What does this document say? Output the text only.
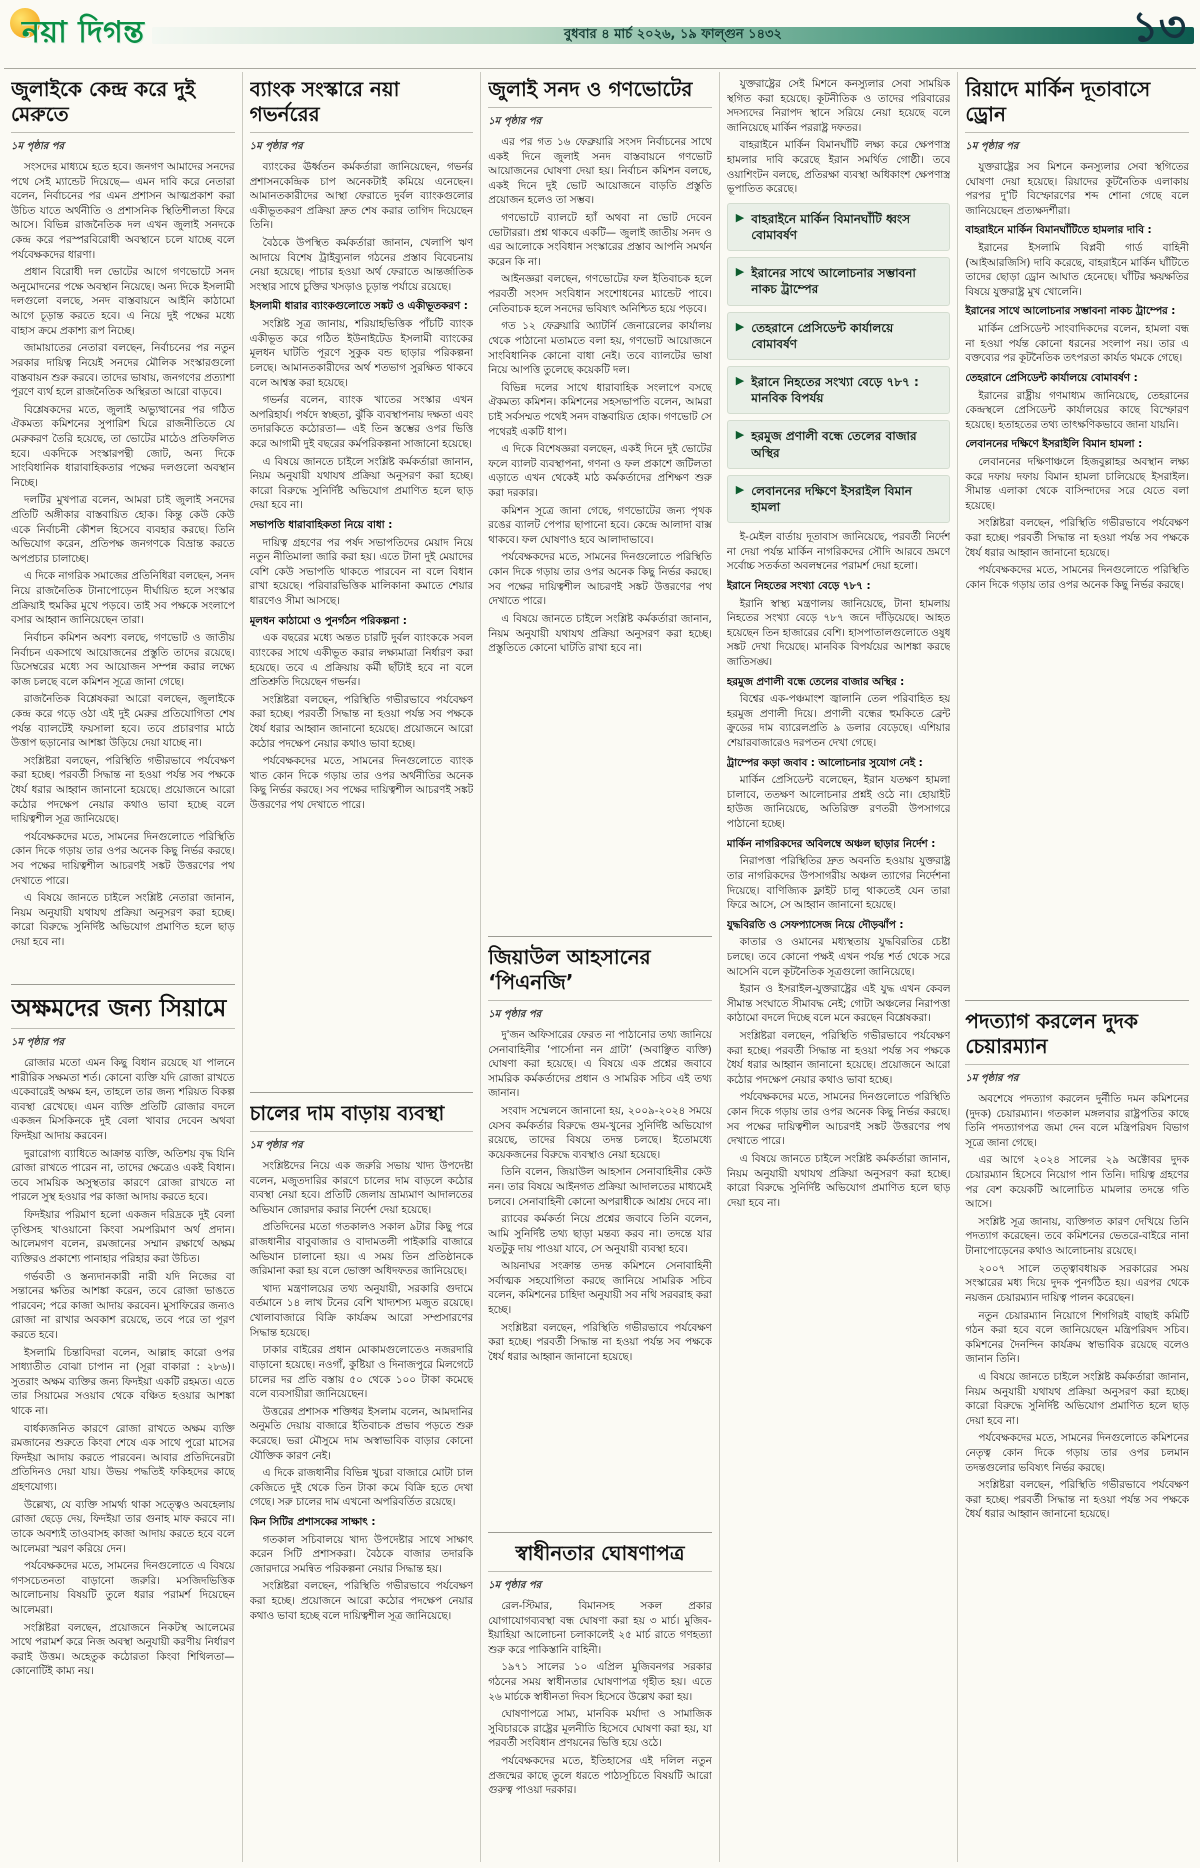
নয়া দিগন্ত	বুধবার ৪ মার্চ ২০২৬, ১৯ ফাল্গুন ১৪৩২	১৩
জুলাইকে কেন্দ্র করে দুই মেরুতে
১ম পৃষ্ঠার পর

সংসদের মাধ্যমে হতে হবে। জনগণ আমাদের সনদের পথে সেই ম্যান্ডেট দিয়েছে— এমন দাবি করে নেতারা বলেন, নির্বাচনের পর এমন প্রশাসন আত্মপ্রকাশ করা উচিত যাতে অর্থনীতি ও প্রশাসনিক স্থিতিশীলতা ফিরে আসে। বিভিন্ন রাজনৈতিক দল এখন জুলাই সনদকে কেন্দ্র করে পরস্পরবিরোধী অবস্থানে চলে যাচ্ছে বলে পর্যবেক্ষকদের ধারণা।

প্রধান বিরোধী দল ভোটের আগে গণভোটে সনদ অনুমোদনের পক্ষে অবস্থান নিয়েছে। অন্য দিকে ইসলামী দলগুলো বলছে, সনদ বাস্তবায়নে আইনি কাঠামো আগে চূড়ান্ত করতে হবে। এ নিয়ে দুই পক্ষের মধ্যে বাহাস ক্রমে প্রকাশ্য রূপ নিচ্ছে।

জামায়াতের নেতারা বলছেন, নির্বাচনের পর নতুন সরকার দায়িত্ব নিয়েই সনদের মৌলিক সংস্কারগুলো বাস্তবায়ন শুরু করবে। তাদের ভাষায়, জনগণের প্রত্যাশা পূরণে ব্যর্থ হলে রাজনৈতিক অস্থিরতা আরো বাড়বে।

বিশ্লেষকদের মতে, জুলাই অভ্যুত্থানের পর গঠিত ঐকমত্য কমিশনের সুপারিশ ঘিরে রাজনীতিতে যে মেরুকরণ তৈরি হয়েছে, তা ভোটের মাঠেও প্রতিফলিত হবে। একদিকে সংস্কারপন্থী জোট, অন্য দিকে সাংবিধানিক ধারাবাহিকতার পক্ষের দলগুলো অবস্থান নিচ্ছে।

দলটির মুখপাত্র বলেন, আমরা চাই জুলাই সনদের প্রতিটি অঙ্গীকার বাস্তবায়িত হোক। কিন্তু কেউ কেউ একে নির্বাচনী কৌশল হিসেবে ব্যবহার করছে। তিনি অভিযোগ করেন, প্রতিপক্ষ জনগণকে বিভ্রান্ত করতে অপপ্রচার চালাচ্ছে।

এ দিকে নাগরিক সমাজের প্রতিনিধিরা বলছেন, সনদ নিয়ে রাজনৈতিক টানাপোড়েন দীর্ঘায়িত হলে সংস্কার প্রক্রিয়াই হুমকির মুখে পড়বে। তাই সব পক্ষকে সংলাপে বসার আহ্বান জানিয়েছেন তারা।

নির্বাচন কমিশন অবশ্য বলছে, গণভোট ও জাতীয় নির্বাচন একসাথে আয়োজনের প্রস্তুতি তাদের রয়েছে। ডিসেম্বরের মধ্যে সব আয়োজন সম্পন্ন করার লক্ষ্যে কাজ চলছে বলে কমিশন সূত্রে জানা গেছে।

রাজনৈতিক বিশ্লেষকরা আরো বলছেন, জুলাইকে কেন্দ্র করে গড়ে ওঠা এই দুই মেরুর প্রতিযোগিতা শেষ পর্যন্ত ব্যালটেই ফয়সালা হবে। তবে প্রচারণার মাঠে উত্তাপ ছড়ানোর আশঙ্কা উড়িয়ে দেয়া যাচ্ছে না।

সংশ্লিষ্টরা বলছেন, পরিস্থিতি গভীরভাবে পর্যবেক্ষণ করা হচ্ছে। পরবর্তী সিদ্ধান্ত না হওয়া পর্যন্ত সব পক্ষকে ধৈর্য ধরার আহ্বান জানানো হয়েছে। প্রয়োজনে আরো কঠোর পদক্ষেপ নেয়ার কথাও ভাবা হচ্ছে বলে দায়িত্বশীল সূত্র জানিয়েছে।

পর্যবেক্ষকদের মতে, সামনের দিনগুলোতে পরিস্থিতি কোন দিকে গড়ায় তার ওপর অনেক কিছু নির্ভর করছে। সব পক্ষের দায়িত্বশীল আচরণই সঙ্কট উত্তরণের পথ দেখাতে পারে।

এ বিষয়ে জানতে চাইলে সংশ্লিষ্ট নেতারা জানান, নিয়ম অনুযায়ী যথাযথ প্রক্রিয়া অনুসরণ করা হচ্ছে। কারো বিরুদ্ধে সুনির্দিষ্ট অভিযোগ প্রমাণিত হলে ছাড় দেয়া হবে না।

অক্ষমদের জন্য সিয়ামে
১ম পৃষ্ঠার পর

রোজার মতো এমন কিছু বিধান রয়েছে যা পালনে শারীরিক সক্ষমতা শর্ত। কোনো ব্যক্তি যদি রোজা রাখতে একেবারেই অক্ষম হন, তাহলে তার জন্য শরিয়ত বিকল্প ব্যবস্থা রেখেছে। এমন ব্যক্তি প্রতিটি রোজার বদলে একজন মিসকিনকে দুই বেলা খাবার দেবেন অথবা ফিদইয়া আদায় করবেন।

দুরারোগ্য ব্যাধিতে আক্রান্ত ব্যক্তি, অতিশয় বৃদ্ধ যিনি রোজা রাখতে পারেন না, তাদের ক্ষেত্রেও একই বিধান। তবে সাময়িক অসুস্থতার কারণে রোজা রাখতে না পারলে সুস্থ হওয়ার পর কাজা আদায় করতে হবে।

ফিদইয়ার পরিমাণ হলো একজন দরিদ্রকে দুই বেলা তৃপ্তিসহ খাওয়ানো কিংবা সমপরিমাণ অর্থ প্রদান। আলেমগণ বলেন, রমজানের সম্মান রক্ষার্থে অক্ষম ব্যক্তিরও প্রকাশ্যে পানাহার পরিহার করা উচিত।

গর্ভবতী ও স্তন্যদানকারী নারী যদি নিজের বা সন্তানের ক্ষতির আশঙ্কা করেন, তবে রোজা ভাঙতে পারবেন; পরে কাজা আদায় করবেন। মুসাফিরের জন্যও রোজা না রাখার অবকাশ রয়েছে, তবে পরে তা পূরণ করতে হবে।

ইসলামি চিন্তাবিদরা বলেন, আল্লাহ কারো ওপর সাধ্যাতীত বোঝা চাপান না (সূরা বাকারা : ২৮৬)। সুতরাং অক্ষম ব্যক্তির জন্য ফিদইয়া একটি রহমত। এতে তার সিয়ামের সওয়াব থেকে বঞ্চিত হওয়ার আশঙ্কা থাকে না।

বার্ধক্যজনিত কারণে রোজা রাখতে অক্ষম ব্যক্তি রমজানের শুরুতে কিংবা শেষে এক সাথে পুরো মাসের ফিদইয়া আদায় করতে পারবেন। আবার প্রতিদিনেরটা প্রতিদিনও দেয়া যায়। উভয় পদ্ধতিই ফকিহদের কাছে গ্রহণযোগ্য।

উল্লেখ্য, যে ব্যক্তি সামর্থ্য থাকা সত্ত্বেও অবহেলায় রোজা ছেড়ে দেয়, ফিদইয়া তার গুনাহ মাফ করবে না। তাকে অবশ্যই তাওবাসহ কাজা আদায় করতে হবে বলে আলেমরা স্মরণ করিয়ে দেন।

পর্যবেক্ষকদের মতে, সামনের দিনগুলোতে এ বিষয়ে গণসচেতনতা বাড়ানো জরুরি। মসজিদভিত্তিক আলোচনায় বিষয়টি তুলে ধরার পরামর্শ দিয়েছেন আলেমরা।

সংশ্লিষ্টরা বলছেন, প্রয়োজনে নিকটস্থ আলেমের সাথে পরামর্শ করে নিজ অবস্থা অনুযায়ী করণীয় নির্ধারণ করাই উত্তম। অহেতুক কঠোরতা কিংবা শিথিলতা— কোনোটিই কাম্য নয়।

ব্যাংক সংস্কারে নয়া গভর্নরের
১ম পৃষ্ঠার পর

ব্যাংকের ঊর্ধ্বতন কর্মকর্তারা জানিয়েছেন, গভর্নর প্রশাসনকেন্দ্রিক চাপ অনেকটাই কমিয়ে এনেছেন। আমানতকারীদের আস্থা ফেরাতে দুর্বল ব্যাংকগুলোর একীভূতকরণ প্রক্রিয়া দ্রুত শেষ করার তাগিদ দিয়েছেন তিনি।

বৈঠকে উপস্থিত কর্মকর্তারা জানান, খেলাপি ঋণ আদায়ে বিশেষ ট্রাইব্যুনাল গঠনের প্রস্তাব বিবেচনায় নেয়া হয়েছে। পাচার হওয়া অর্থ ফেরাতে আন্তর্জাতিক সংস্থার সাথে চুক্তির খসড়াও চূড়ান্ত পর্যায়ে রয়েছে।

ইসলামী ধারার ব্যাংকগুলোতে সঙ্কট ও একীভূতকরণ :

সংশ্লিষ্ট সূত্র জানায়, শরিয়াহভিত্তিক পাঁচটি ব্যাংক একীভূত করে গঠিত ইউনাইটেড ইসলামী ব্যাংকের মূলধন ঘাটতি পূরণে সুকুক বন্ড ছাড়ার পরিকল্পনা চলছে। আমানতকারীদের অর্থ শতভাগ সুরক্ষিত থাকবে বলে আশ্বস্ত করা হয়েছে।

গভর্নর বলেন, ব্যাংক খাতের সংস্কার এখন অপরিহার্য। পর্ষদে স্বচ্ছতা, ঝুঁকি ব্যবস্থাপনায় দক্ষতা এবং তদারকিতে কঠোরতা— এই তিন স্তম্ভের ওপর ভিত্তি করে আগামী দুই বছরের কর্মপরিকল্পনা সাজানো হয়েছে।

এ বিষয়ে জানতে চাইলে সংশ্লিষ্ট কর্মকর্তারা জানান, নিয়ম অনুযায়ী যথাযথ প্রক্রিয়া অনুসরণ করা হচ্ছে। কারো বিরুদ্ধে সুনির্দিষ্ট অভিযোগ প্রমাণিত হলে ছাড় দেয়া হবে না।

সভাপতি ধারাবাহিকতা নিয়ে বাধা :

দায়িত্ব গ্রহণের পর পর্ষদ সভাপতিদের মেয়াদ নিয়ে নতুন নীতিমালা জারি করা হয়। এতে টানা দুই মেয়াদের বেশি কেউ সভাপতি থাকতে পারবেন না বলে বিধান রাখা হয়েছে। পরিবারভিত্তিক মালিকানা কমাতে শেয়ার ধারণেও সীমা আসছে।

মূলধন কাঠামো ও পুনর্গঠন পরিকল্পনা :

এক বছরের মধ্যে অন্তত চারটি দুর্বল ব্যাংককে সবল ব্যাংকের সাথে একীভূত করার লক্ষ্যমাত্রা নির্ধারণ করা হয়েছে। তবে এ প্রক্রিয়ায় কর্মী ছাঁটাই হবে না বলে প্রতিশ্রুতি দিয়েছেন গভর্নর।

সংশ্লিষ্টরা বলছেন, পরিস্থিতি গভীরভাবে পর্যবেক্ষণ করা হচ্ছে। পরবর্তী সিদ্ধান্ত না হওয়া পর্যন্ত সব পক্ষকে ধৈর্য ধরার আহ্বান জানানো হয়েছে। প্রয়োজনে আরো কঠোর পদক্ষেপ নেয়ার কথাও ভাবা হচ্ছে।

পর্যবেক্ষকদের মতে, সামনের দিনগুলোতে ব্যাংক খাত কোন দিকে গড়ায় তার ওপর অর্থনীতির অনেক কিছু নির্ভর করছে। সব পক্ষের দায়িত্বশীল আচরণই সঙ্কট উত্তরণের পথ দেখাতে পারে।

চালের দাম বাড়ায় ব্যবস্থা
১ম পৃষ্ঠার পর

সংশ্লিষ্টদের নিয়ে এক জরুরি সভায় খাদ্য উপদেষ্টা বলেন, মজুতদারির কারণে চালের দাম বাড়লে কঠোর ব্যবস্থা নেয়া হবে। প্রতিটি জেলায় ভ্রাম্যমাণ আদালতের অভিযান জোরদার করার নির্দেশ দেয়া হয়েছে।

প্রতিদিনের মতো গতকালও সকাল ৯টার কিছু পরে রাজধানীর বাবুবাজার ও বাদামতলী পাইকারি বাজারে অভিযান চালানো হয়। এ সময় তিন প্রতিষ্ঠানকে জরিমানা করা হয় বলে ভোক্তা অধিদফতর জানিয়েছে।

খাদ্য মন্ত্রণালয়ের তথ্য অনুযায়ী, সরকারি গুদামে বর্তমানে ১৪ লাখ টনের বেশি খাদ্যশস্য মজুত রয়েছে। খোলাবাজারে বিক্রি কার্যক্রম আরো সম্প্রসারণের সিদ্ধান্ত হয়েছে।

ঢাকার বাইরের প্রধান মোকামগুলোতেও নজরদারি বাড়ানো হয়েছে। নওগাঁ, কুষ্টিয়া ও দিনাজপুরে মিলগেটে চালের দর প্রতি বস্তায় ৫০ থেকে ১০০ টাকা কমেছে বলে ব্যবসায়ীরা জানিয়েছেন।

উত্তরের প্রশাসক শক্তিধর ইসলাম বলেন, আমদানির অনুমতি দেয়ায় বাজারে ইতিবাচক প্রভাব পড়তে শুরু করেছে। ভরা মৌসুমে দাম অস্বাভাবিক বাড়ার কোনো যৌক্তিক কারণ নেই।

এ দিকে রাজধানীর বিভিন্ন খুচরা বাজারে মোটা চাল কেজিতে দুই থেকে তিন টাকা কমে বিক্রি হতে দেখা গেছে। সরু চালের দাম এখনো অপরিবর্তিত রয়েছে।

কিন সিটির প্রশাসকের সাক্ষাৎ :

গতকাল সচিবালয়ে খাদ্য উপদেষ্টার সাথে সাক্ষাৎ করেন সিটি প্রশাসকরা। বৈঠকে বাজার তদারকি জোরদারে সমন্বিত পরিকল্পনা নেয়ার সিদ্ধান্ত হয়।

সংশ্লিষ্টরা বলছেন, পরিস্থিতি গভীরভাবে পর্যবেক্ষণ করা হচ্ছে। প্রয়োজনে আরো কঠোর পদক্ষেপ নেয়ার কথাও ভাবা হচ্ছে বলে দায়িত্বশীল সূত্র জানিয়েছে।

জুলাই সনদ ও গণভোটের
১ম পৃষ্ঠার পর

এর পর গত ১৬ ফেব্রুয়ারি সংসদ নির্বাচনের সাথে একই দিনে জুলাই সনদ বাস্তবায়নে গণভোট আয়োজনের ঘোষণা দেয়া হয়। নির্বাচন কমিশন বলছে, একই দিনে দুই ভোট আয়োজনে বাড়তি প্রস্তুতি প্রয়োজন হলেও তা সম্ভব।

গণভোটে ব্যালটে হ্যাঁ অথবা না ভোট দেবেন ভোটাররা। প্রশ্ন থাকবে একটি— জুলাই জাতীয় সনদ ও এর আলোকে সংবিধান সংস্কারের প্রস্তাব আপনি সমর্থন করেন কি না।

আইনজ্ঞরা বলছেন, গণভোটের ফল ইতিবাচক হলে পরবর্তী সংসদ সংবিধান সংশোধনের ম্যান্ডেট পাবে। নেতিবাচক হলে সনদের ভবিষ্যৎ অনিশ্চিত হয়ে পড়বে।

গত ১২ ফেব্রুয়ারি অ্যাটর্নি জেনারেলের কার্যালয় থেকে পাঠানো মতামতে বলা হয়, গণভোট আয়োজনে সাংবিধানিক কোনো বাধা নেই। তবে ব্যালটের ভাষা নিয়ে আপত্তি তুলেছে কয়েকটি দল।

বিভিন্ন দলের সাথে ধারাবাহিক সংলাপে বসছে ঐকমত্য কমিশন। কমিশনের সহসভাপতি বলেন, আমরা চাই সর্বসম্মত পথেই সনদ বাস্তবায়িত হোক। গণভোট সে পথেরই একটি ধাপ।

এ দিকে বিশেষজ্ঞরা বলছেন, একই দিনে দুই ভোটের ফলে ব্যালট ব্যবস্থাপনা, গণনা ও ফল প্রকাশে জটিলতা এড়াতে এখন থেকেই মাঠ কর্মকর্তাদের প্রশিক্ষণ শুরু করা দরকার।

কমিশন সূত্রে জানা গেছে, গণভোটের জন্য পৃথক রঙের ব্যালট পেপার ছাপানো হবে। কেন্দ্রে আলাদা বাক্স থাকবে। ফল ঘোষণাও হবে আলাদাভাবে।

পর্যবেক্ষকদের মতে, সামনের দিনগুলোতে পরিস্থিতি কোন দিকে গড়ায় তার ওপর অনেক কিছু নির্ভর করছে। সব পক্ষের দায়িত্বশীল আচরণই সঙ্কট উত্তরণের পথ দেখাতে পারে।

এ বিষয়ে জানতে চাইলে সংশ্লিষ্ট কর্মকর্তারা জানান, নিয়ম অনুযায়ী যথাযথ প্রক্রিয়া অনুসরণ করা হচ্ছে। প্রস্তুতিতে কোনো ঘাটতি রাখা হবে না।

জিয়াউল আহসানের ‘পিএনজি’
১ম পৃষ্ঠার পর

দু'জন অফিসারের ফেরত না পাঠানোর তথ্য জানিয়ে সেনাবাহিনীর ‘পার্সোনা নন গ্রাটা’ (অবাঞ্ছিত ব্যক্তি) ঘোষণা করা হয়েছে। এ বিষয়ে এক প্রশ্নের জবাবে সামরিক কর্মকর্তাদের প্রধান ও সামরিক সচিব এই তথ্য জানান।

সংবাদ সম্মেলনে জানানো হয়, ২০০৯-২০২৪ সময়ে যেসব কর্মকর্তার বিরুদ্ধে গুম-খুনের সুনির্দিষ্ট অভিযোগ রয়েছে, তাদের বিষয়ে তদন্ত চলছে। ইতোমধ্যে কয়েকজনের বিরুদ্ধে ব্যবস্থাও নেয়া হয়েছে।

তিনি বলেন, জিয়াউল আহসান সেনাবাহিনীর কেউ নন। তার বিষয়ে আইনগত প্রক্রিয়া আদালতের মাধ্যমেই চলবে। সেনাবাহিনী কোনো অপরাধীকে আশ্রয় দেবে না।

র‍্যাবের কর্মকর্তা নিয়ে প্রশ্নের জবাবে তিনি বলেন, আমি সুনির্দিষ্ট তথ্য ছাড়া মন্তব্য করব না। তদন্তে যার যতটুকু দায় পাওয়া যাবে, সে অনুযায়ী ব্যবস্থা হবে।

আয়নাঘর সংক্রান্ত তদন্ত কমিশনে সেনাবাহিনী সর্বাত্মক সহযোগিতা করছে জানিয়ে সামরিক সচিব বলেন, কমিশনের চাহিদা অনুযায়ী সব নথি সরবরাহ করা হচ্ছে।

সংশ্লিষ্টরা বলছেন, পরিস্থিতি গভীরভাবে পর্যবেক্ষণ করা হচ্ছে। পরবর্তী সিদ্ধান্ত না হওয়া পর্যন্ত সব পক্ষকে ধৈর্য ধরার আহ্বান জানানো হয়েছে।

স্বাধীনতার ঘোষণাপত্র
১ম পৃষ্ঠার পর

রেল-স্টিমার, বিমানসহ সকল প্রকার যোগাযোগব্যবস্থা বন্ধ ঘোষণা করা হয় ৩ মার্চ। মুজিব-ইয়াহিয়া আলোচনা চলাকালেই ২৫ মার্চ রাতে গণহত্যা শুরু করে পাকিস্তানি বাহিনী।

১৯৭১ সালের ১০ এপ্রিল মুজিবনগর সরকার গঠনের সময় স্বাধীনতার ঘোষণাপত্র গৃহীত হয়। এতে ২৬ মার্চকে স্বাধীনতা দিবস হিসেবে উল্লেখ করা হয়।

ঘোষণাপত্রে সাম্য, মানবিক মর্যাদা ও সামাজিক সুবিচারকে রাষ্ট্রের মূলনীতি হিসেবে ঘোষণা করা হয়, যা পরবর্তী সংবিধান প্রণয়নের ভিত্তি হয়ে ওঠে।

পর্যবেক্ষকদের মতে, ইতিহাসের এই দলিল নতুন প্রজন্মের কাছে তুলে ধরতে পাঠ্যসূচিতে বিষয়টি আরো গুরুত্ব পাওয়া দরকার।

যুক্তরাষ্ট্রের সেই মিশনে কনস্যুলার সেবা সাময়িক স্থগিত করা হয়েছে। কূটনীতিক ও তাদের পরিবারের সদস্যদের নিরাপদ স্থানে সরিয়ে নেয়া হয়েছে বলে জানিয়েছে মার্কিন পররাষ্ট্র দফতর।

বাহরাইনে মার্কিন বিমানঘাঁটি লক্ষ্য করে ক্ষেপণাস্ত্র হামলার দাবি করেছে ইরান সমর্থিত গোষ্ঠী। তবে ওয়াশিংটন বলছে, প্রতিরক্ষা ব্যবস্থা অধিকাংশ ক্ষেপণাস্ত্র ভূপাতিত করেছে।

▶ বাহরাইনে মার্কিন বিমানঘাঁটি ধ্বংস বোমাবর্ষণ
▶ ইরানের সাথে আলোচনার সম্ভাবনা নাকচ ট্রাম্পের
▶ তেহরানে প্রেসিডেন্ট কার্যালয়ে বোমাবর্ষণ
▶ ইরানে নিহতের সংখ্যা বেড়ে ৭৮৭ : মানবিক বিপর্যয়
▶ হরমুজ প্রণালী বন্ধে তেলের বাজার অস্থির
▶ লেবাননের দক্ষিণে ইসরাইল বিমান হামলা

ই-মেইল বার্তায় দূতাবাস জানিয়েছে, পরবর্তী নির্দেশ না দেয়া পর্যন্ত মার্কিন নাগরিকদের সৌদি আরবে ভ্রমণে সর্বোচ্চ সতর্কতা অবলম্বনের পরামর্শ দেয়া হলো।

ইরানে নিহতের সংখ্যা বেড়ে ৭৮৭ :

ইরানি স্বাস্থ্য মন্ত্রণালয় জানিয়েছে, টানা হামলায় নিহতের সংখ্যা বেড়ে ৭৮৭ জনে দাঁড়িয়েছে। আহত হয়েছেন তিন হাজারের বেশি। হাসপাতালগুলোতে ওষুধ সঙ্কট দেখা দিয়েছে। মানবিক বিপর্যয়ের আশঙ্কা করছে জাতিসঙ্ঘ।

হরমুজ প্রণালী বন্ধে তেলের বাজার অস্থির :

বিশ্বের এক-পঞ্চমাংশ জ্বালানি তেল পরিবাহিত হয় হরমুজ প্রণালী দিয়ে। প্রণালী বন্ধের হুমকিতে ব্রেন্ট ক্রুডের দাম ব্যারেলপ্রতি ৯ ডলার বেড়েছে। এশিয়ার শেয়ারবাজারেও দরপতন দেখা গেছে।

ট্রাম্পের কড়া জবাব : আলোচনার সুযোগ নেই :

মার্কিন প্রেসিডেন্ট বলেছেন, ইরান যতক্ষণ হামলা চালাবে, ততক্ষণ আলোচনার প্রশ্নই ওঠে না। হোয়াইট হাউজ জানিয়েছে, অতিরিক্ত রণতরী উপসাগরে পাঠানো হচ্ছে।

মার্কিন নাগরিকদের অবিলম্বে অঞ্চল ছাড়ার নির্দেশ :

নিরাপত্তা পরিস্থিতির দ্রুত অবনতি হওয়ায় যুক্তরাষ্ট্র তার নাগরিকদের উপসাগরীয় অঞ্চল ত্যাগের নির্দেশনা দিয়েছে। বাণিজ্যিক ফ্লাইট চালু থাকতেই যেন তারা ফিরে আসে, সে আহ্বান জানানো হয়েছে।

যুদ্ধবিরতি ও সেফপ্যাসেজ নিয়ে দৌড়ঝাঁপ :

কাতার ও ওমানের মধ্যস্থতায় যুদ্ধবিরতির চেষ্টা চলছে। তবে কোনো পক্ষই এখন পর্যন্ত শর্ত থেকে সরে আসেনি বলে কূটনৈতিক সূত্রগুলো জানিয়েছে।

ইরান ও ইসরাইল-যুক্তরাষ্ট্রের এই যুদ্ধ এখন কেবল সীমান্ত সংঘাতে সীমাবদ্ধ নেই; গোটা অঞ্চলের নিরাপত্তা কাঠামো বদলে দিচ্ছে বলে মনে করছেন বিশ্লেষকরা।

সংশ্লিষ্টরা বলছেন, পরিস্থিতি গভীরভাবে পর্যবেক্ষণ করা হচ্ছে। পরবর্তী সিদ্ধান্ত না হওয়া পর্যন্ত সব পক্ষকে ধৈর্য ধরার আহ্বান জানানো হয়েছে। প্রয়োজনে আরো কঠোর পদক্ষেপ নেয়ার কথাও ভাবা হচ্ছে।

পর্যবেক্ষকদের মতে, সামনের দিনগুলোতে পরিস্থিতি কোন দিকে গড়ায় তার ওপর অনেক কিছু নির্ভর করছে। সব পক্ষের দায়িত্বশীল আচরণই সঙ্কট উত্তরণের পথ দেখাতে পারে।

এ বিষয়ে জানতে চাইলে সংশ্লিষ্ট কর্মকর্তারা জানান, নিয়ম অনুযায়ী যথাযথ প্রক্রিয়া অনুসরণ করা হচ্ছে। কারো বিরুদ্ধে সুনির্দিষ্ট অভিযোগ প্রমাণিত হলে ছাড় দেয়া হবে না।

রিয়াদে মার্কিন দূতাবাসে ড্রোন
১ম পৃষ্ঠার পর

যুক্তরাষ্ট্রের সব মিশনে কনস্যুলার সেবা স্থগিতের ঘোষণা দেয়া হয়েছে। রিয়াদের কূটনৈতিক এলাকায় পরপর দু'টি বিস্ফোরণের শব্দ শোনা গেছে বলে জানিয়েছেন প্রত্যক্ষদর্শীরা।

বাহরাইনে মার্কিন বিমানঘাঁটিতে হামলার দাবি :

ইরানের ইসলামি বিপ্লবী গার্ড বাহিনী (আইআরজিসি) দাবি করেছে, বাহরাইনে মার্কিন ঘাঁটিতে তাদের ছোড়া ড্রোন আঘাত হেনেছে। ঘাঁটির ক্ষয়ক্ষতির বিষয়ে যুক্তরাষ্ট্র মুখ খোলেনি।

ইরানের সাথে আলোচনার সম্ভাবনা নাকচ ট্রাম্পের :

মার্কিন প্রেসিডেন্ট সাংবাদিকদের বলেন, হামলা বন্ধ না হওয়া পর্যন্ত কোনো ধরনের সংলাপ নয়। তার এ বক্তব্যের পর কূটনৈতিক তৎপরতা কার্যত থমকে গেছে।

তেহরানে প্রেসিডেন্ট কার্যালয়ে বোমাবর্ষণ :

ইরানের রাষ্ট্রীয় গণমাধ্যম জানিয়েছে, তেহরানের কেন্দ্রস্থলে প্রেসিডেন্ট কার্যালয়ের কাছে বিস্ফোরণ হয়েছে। হতাহতের তথ্য তাৎক্ষণিকভাবে জানা যায়নি।

লেবাননের দক্ষিণে ইসরাইলি বিমান হামলা :

লেবাননের দক্ষিণাঞ্চলে হিজবুল্লাহর অবস্থান লক্ষ্য করে দফায় দফায় বিমান হামলা চালিয়েছে ইসরাইল। সীমান্ত এলাকা থেকে বাসিন্দাদের সরে যেতে বলা হয়েছে।

সংশ্লিষ্টরা বলছেন, পরিস্থিতি গভীরভাবে পর্যবেক্ষণ করা হচ্ছে। পরবর্তী সিদ্ধান্ত না হওয়া পর্যন্ত সব পক্ষকে ধৈর্য ধরার আহ্বান জানানো হয়েছে।

পর্যবেক্ষকদের মতে, সামনের দিনগুলোতে পরিস্থিতি কোন দিকে গড়ায় তার ওপর অনেক কিছু নির্ভর করছে।

পদত্যাগ করলেন দুদক চেয়ারম্যান
১ম পৃষ্ঠার পর

অবশেষে পদত্যাগ করলেন দুর্নীতি দমন কমিশনের (দুদক) চেয়ারম্যান। গতকাল মঙ্গলবার রাষ্ট্রপতির কাছে তিনি পদত্যাগপত্র জমা দেন বলে মন্ত্রিপরিষদ বিভাগ সূত্রে জানা গেছে।

এর আগে ২০২৪ সালের ২৯ অক্টোবর দুদক চেয়ারম্যান হিসেবে নিয়োগ পান তিনি। দায়িত্ব গ্রহণের পর বেশ কয়েকটি আলোচিত মামলার তদন্তে গতি আসে।

সংশ্লিষ্ট সূত্র জানায়, ব্যক্তিগত কারণ দেখিয়ে তিনি পদত্যাগ করেছেন। তবে কমিশনের ভেতরে-বাইরে নানা টানাপোড়েনের কথাও আলোচনায় রয়েছে।

২০০৭ সালে তত্ত্বাবধায়ক সরকারের সময় সংস্কারের মধ্য দিয়ে দুদক পুনর্গঠিত হয়। এরপর থেকে নয়জন চেয়ারম্যান দায়িত্ব পালন করেছেন।

নতুন চেয়ারম্যান নিয়োগে শিগগিরই বাছাই কমিটি গঠন করা হবে বলে জানিয়েছেন মন্ত্রিপরিষদ সচিব। কমিশনের দৈনন্দিন কার্যক্রম স্বাভাবিক রয়েছে বলেও জানান তিনি।

এ বিষয়ে জানতে চাইলে সংশ্লিষ্ট কর্মকর্তারা জানান, নিয়ম অনুযায়ী যথাযথ প্রক্রিয়া অনুসরণ করা হচ্ছে। কারো বিরুদ্ধে সুনির্দিষ্ট অভিযোগ প্রমাণিত হলে ছাড় দেয়া হবে না।

পর্যবেক্ষকদের মতে, সামনের দিনগুলোতে কমিশনের নেতৃত্ব কোন দিকে গড়ায় তার ওপর চলমান তদন্তগুলোর ভবিষ্যৎ নির্ভর করছে।

সংশ্লিষ্টরা বলছেন, পরিস্থিতি গভীরভাবে পর্যবেক্ষণ করা হচ্ছে। পরবর্তী সিদ্ধান্ত না হওয়া পর্যন্ত সব পক্ষকে ধৈর্য ধরার আহ্বান জানানো হয়েছে।
